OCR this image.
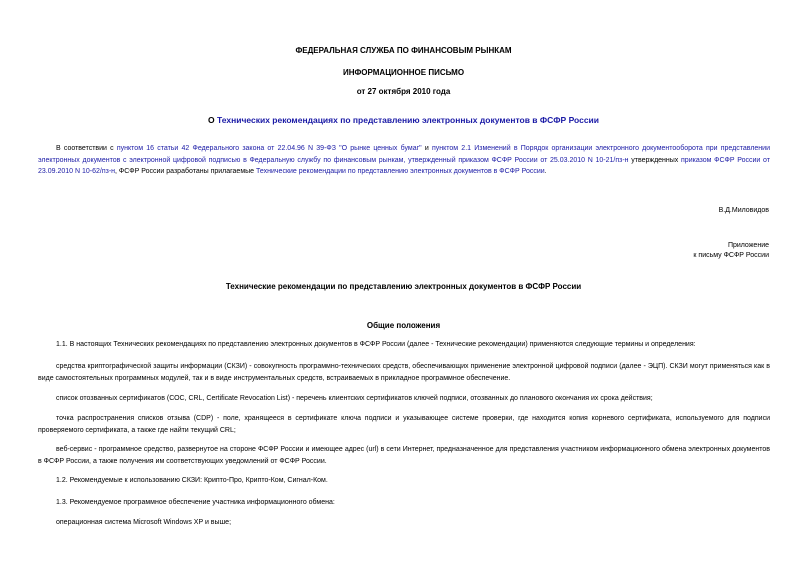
ФЕДЕРАЛЬНАЯ СЛУЖБА ПО ФИНАНСОВЫМ РЫНКАМ
ИНФОРМАЦИОННОЕ ПИСЬМО
от 27 октября 2010 года
О Технических рекомендациях по представлению электронных документов в ФСФР России
В соответствии с пунктом 16 статьи 42 Федерального закона от 22.04.96 N 39-ФЗ "О рынке ценных бумаг" и пунктом 2.1 Изменений в Порядок организации электронного документооборота при представлении электронных документов с электронной цифровой подписью в Федеральную службу по финансовым рынкам, утвержденный приказом ФСФР России от 25.03.2010 N 10-21/пз-н утвержденных приказом ФСФР России от 23.09.2010 N 10-62/пз-н, ФСФР России разработаны прилагаемые Технические рекомендации по представлению электронных документов в ФСФР России.
В.Д.Миловидов
Приложение
к письму ФСФР России
Технические рекомендации по представлению электронных документов в ФСФР России
Общие положения
1.1. В настоящих Технических рекомендациях по представлению электронных документов в ФСФР России (далее - Технические рекомендации) применяются следующие термины и определения:
средства криптографической защиты информации (СКЗИ) - совокупность программно-технических средств, обеспечивающих применение электронной цифровой подписи (далее - ЭЦП). СКЗИ могут применяться как в виде самостоятельных программных модулей, так и в виде инструментальных средств, встраиваемых в прикладное программное обеспечение.
список отозванных сертификатов (СОС, CRL, Certificate Revocation List) - перечень клиентских сертификатов ключей подписи, отозванных до планового окончания их срока действия;
точка распространения списков отзыва (CDP) - поле, хранящееся в сертификате ключа подписи и указывающее системе проверки, где находится копия корневого сертификата, используемого для подписи проверяемого сертификата, а также где найти текущий CRL;
веб-сервис - программное средство, развернутое на стороне ФСФР России и имеющее адрес (url) в сети Интернет, предназначенное для представления участником информационного обмена электронных документов в ФСФР России, а также получения им соответствующих уведомлений от ФСФР России.
1.2. Рекомендуемые к использованию СКЗИ: Крипто-Про, Крипто-Ком, Сигнал-Ком.
1.3. Рекомендуемое программное обеспечение участника информационного обмена:
операционная система Microsoft Windows XP и выше;
